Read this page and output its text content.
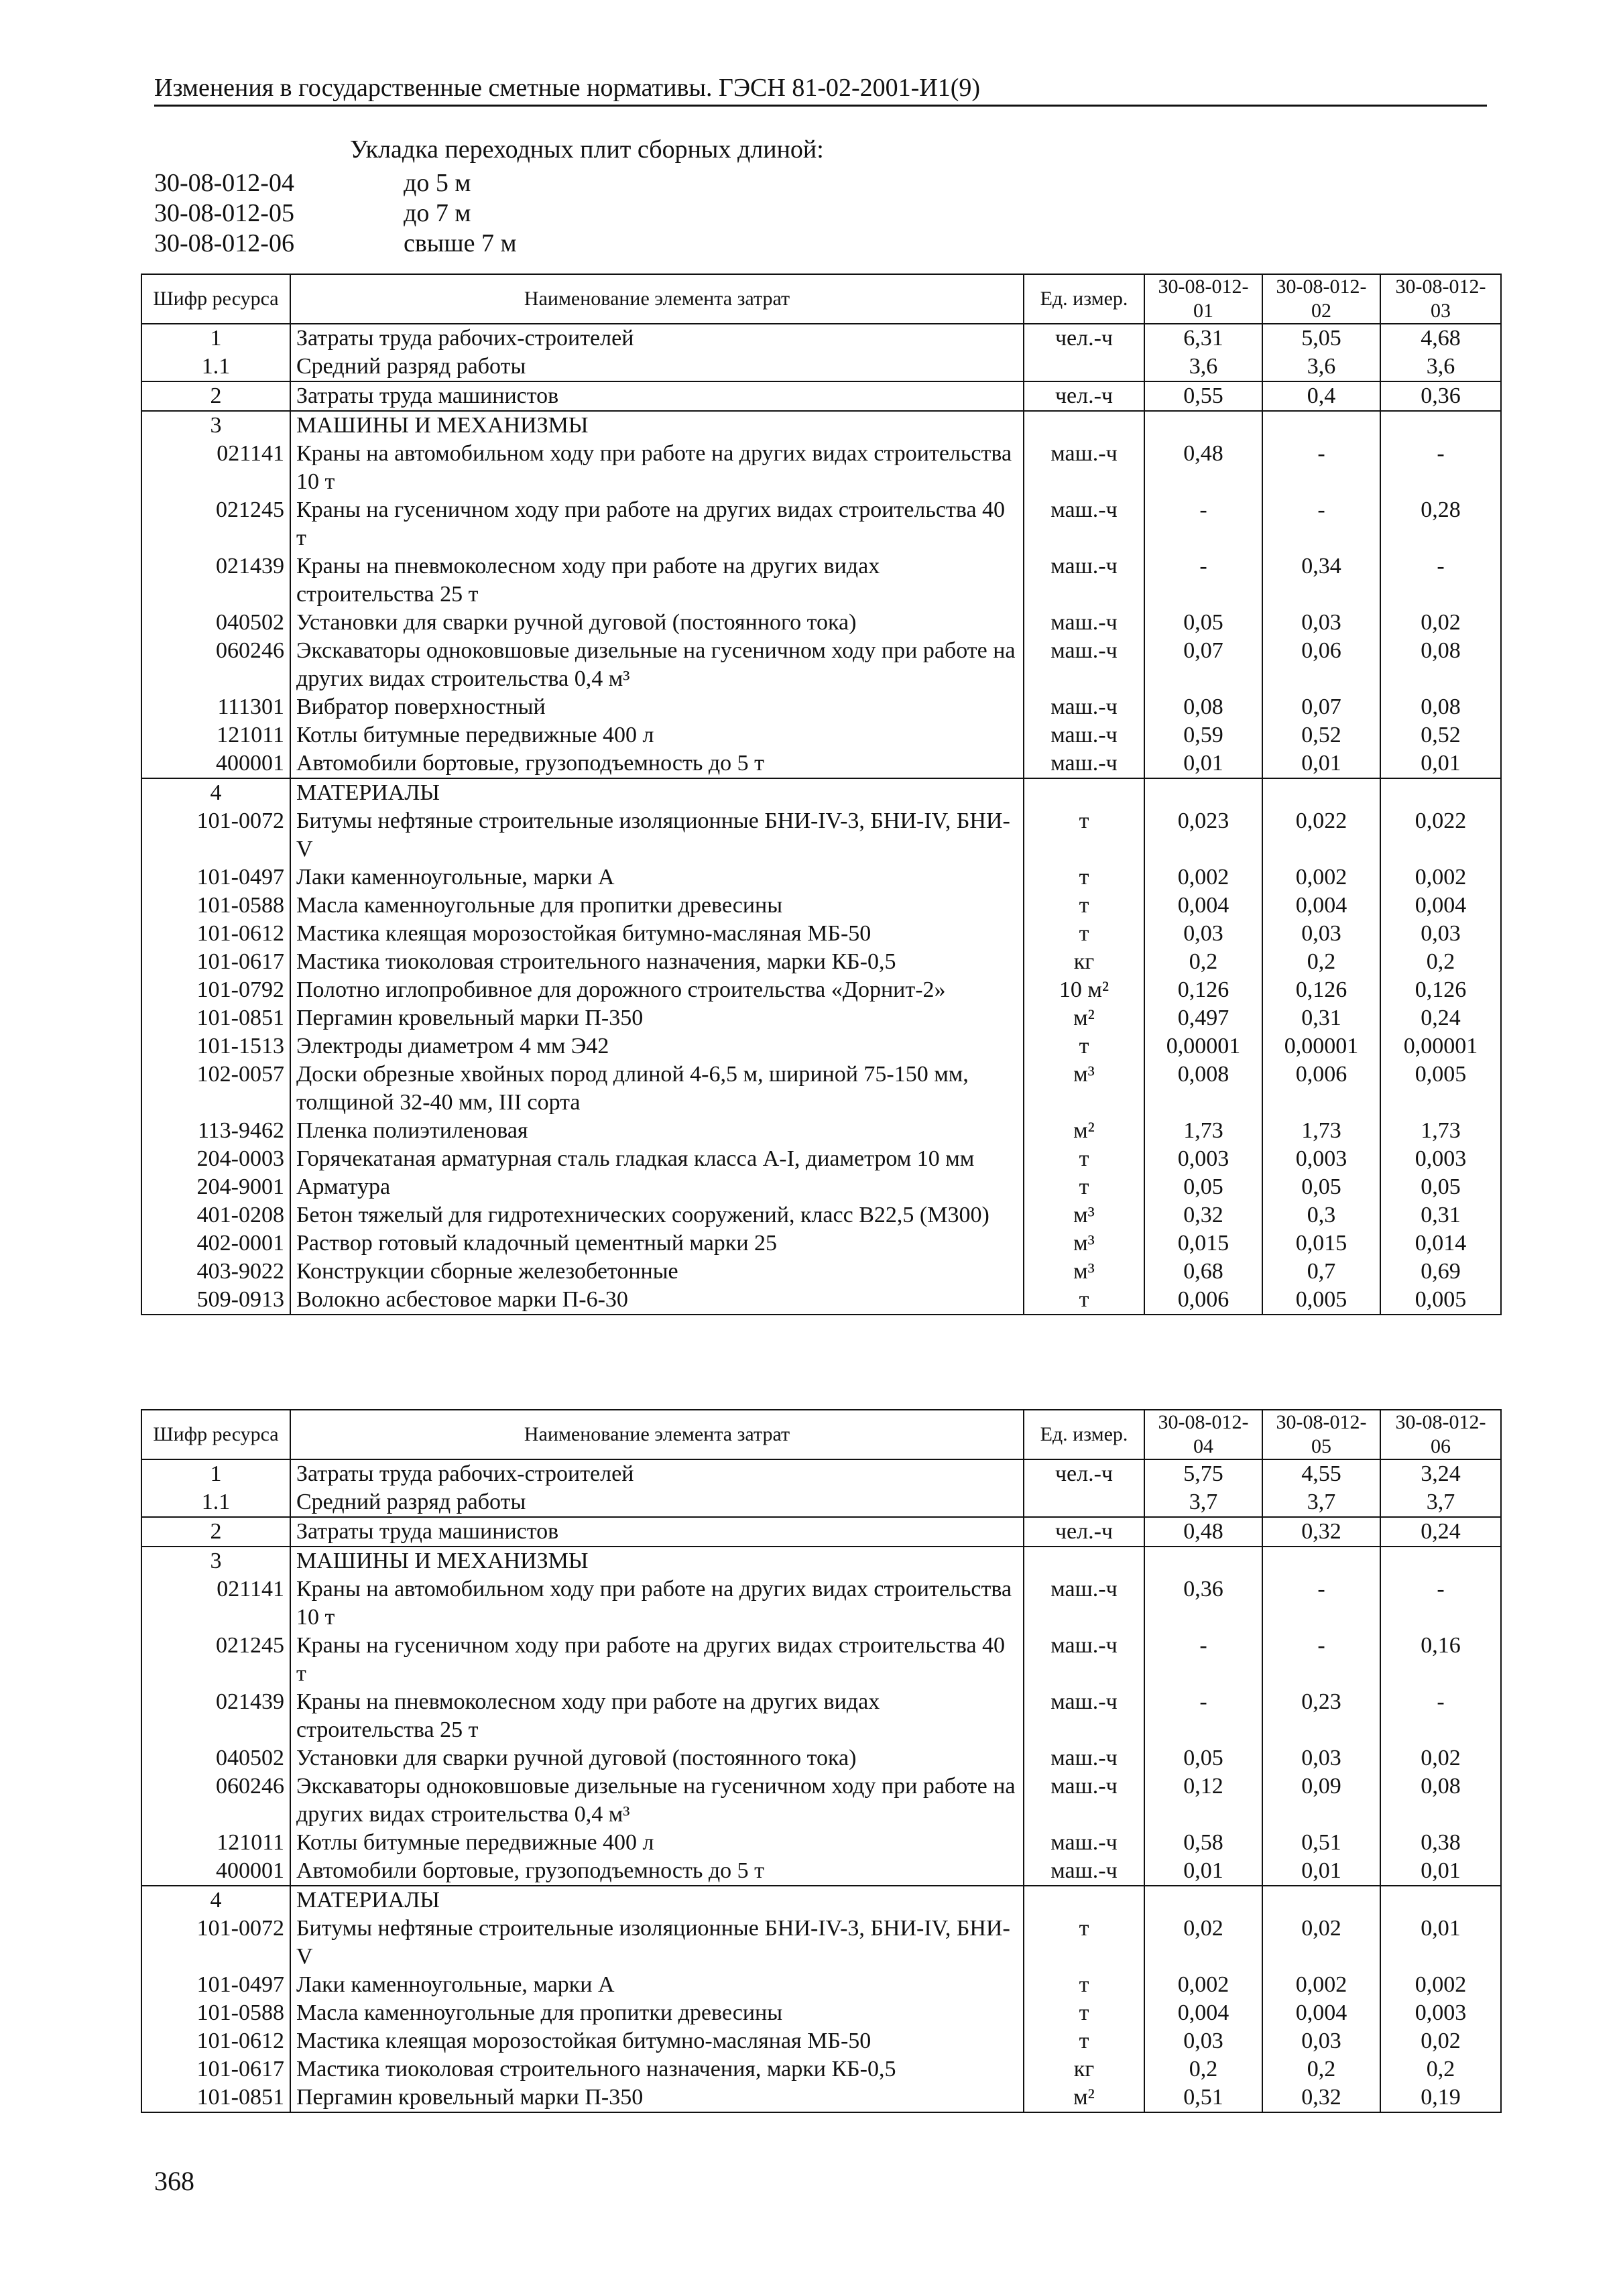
Изменения в государственные сметные нормативы. ГЭСН 81-02-2001-И1(9)
Укладка переходных плит сборных длиной:
30-08-012-04	до 5 м
30-08-012-05	до 7 м
30-08-012-06	свыше 7 м
Шифр ресурса	Наименование элемента затрат	Ед. измер.	30-08-012-01	30-08-012-02	30-08-012-03
1	Затраты труда рабочих-строителей	чел.-ч	6,31	5,05	4,68
1.1	Средний разряд работы		3,6	3,6	3,6
2	Затраты труда машинистов	чел.-ч	0,55	0,4	0,36
3	МАШИНЫ И МЕХАНИЗМЫ				
021141	Краны на автомобильном ходу при работе на других видах строительства 10 т	маш.-ч	0,48	-	-
021245	Краны на гусеничном ходу при работе на других видах строительства 40 т	маш.-ч	-	-	0,28
021439	Краны на пневмоколесном ходу при работе на других видах строительства 25 т	маш.-ч	-	0,34	-
040502	Установки для сварки ручной дуговой (постоянного тока)	маш.-ч	0,05	0,03	0,02
060246	Экскаваторы одноковшовые дизельные на гусеничном ходу при работе на других видах строительства 0,4 м³	маш.-ч	0,07	0,06	0,08
111301	Вибратор поверхностный	маш.-ч	0,08	0,07	0,08
121011	Котлы битумные передвижные 400 л	маш.-ч	0,59	0,52	0,52
400001	Автомобили бортовые, грузоподъемность до 5 т	маш.-ч	0,01	0,01	0,01
4	МАТЕРИАЛЫ				
101-0072	Битумы нефтяные строительные изоляционные БНИ-IV-3, БНИ-IV, БНИ-V	т	0,023	0,022	0,022
101-0497	Лаки каменноугольные, марки А	т	0,002	0,002	0,002
101-0588	Масла каменноугольные для пропитки древесины	т	0,004	0,004	0,004
101-0612	Мастика клеящая морозостойкая битумно-масляная МБ-50	т	0,03	0,03	0,03
101-0617	Мастика тиоколовая строительного назначения, марки КБ-0,5	кг	0,2	0,2	0,2
101-0792	Полотно иглопробивное для дорожного строительства «Дорнит-2»	10 м²	0,126	0,126	0,126
101-0851	Пергамин кровельный марки П-350	м²	0,497	0,31	0,24
101-1513	Электроды диаметром 4 мм Э42	т	0,00001	0,00001	0,00001
102-0057	Доски обрезные хвойных пород длиной 4-6,5 м, шириной 75-150 мм, толщиной 32-40 мм, III сорта	м³	0,008	0,006	0,005
113-9462	Пленка полиэтиленовая	м²	1,73	1,73	1,73
204-0003	Горячекатаная арматурная сталь гладкая класса А-I, диаметром 10 мм	т	0,003	0,003	0,003
204-9001	Арматура	т	0,05	0,05	0,05
401-0208	Бетон тяжелый для гидротехнических сооружений, класс В22,5 (М300)	м³	0,32	0,3	0,31
402-0001	Раствор готовый кладочный цементный марки 25	м³	0,015	0,015	0,014
403-9022	Конструкции сборные железобетонные	м³	0,68	0,7	0,69
509-0913	Волокно асбестовое марки П-6-30	т	0,006	0,005	0,005
Шифр ресурса	Наименование элемента затрат	Ед. измер.	30-08-012-04	30-08-012-05	30-08-012-06
1	Затраты труда рабочих-строителей	чел.-ч	5,75	4,55	3,24
1.1	Средний разряд работы		3,7	3,7	3,7
2	Затраты труда машинистов	чел.-ч	0,48	0,32	0,24
3	МАШИНЫ И МЕХАНИЗМЫ				
021141	Краны на автомобильном ходу при работе на других видах строительства 10 т	маш.-ч	0,36	-	-
021245	Краны на гусеничном ходу при работе на других видах строительства 40 т	маш.-ч	-	-	0,16
021439	Краны на пневмоколесном ходу при работе на других видах строительства 25 т	маш.-ч	-	0,23	-
040502	Установки для сварки ручной дуговой (постоянного тока)	маш.-ч	0,05	0,03	0,02
060246	Экскаваторы одноковшовые дизельные на гусеничном ходу при работе на других видах строительства 0,4 м³	маш.-ч	0,12	0,09	0,08
121011	Котлы битумные передвижные 400 л	маш.-ч	0,58	0,51	0,38
400001	Автомобили бортовые, грузоподъемность до 5 т	маш.-ч	0,01	0,01	0,01
4	МАТЕРИАЛЫ				
101-0072	Битумы нефтяные строительные изоляционные БНИ-IV-3, БНИ-IV, БНИ-V	т	0,02	0,02	0,01
101-0497	Лаки каменноугольные, марки А	т	0,002	0,002	0,002
101-0588	Масла каменноугольные для пропитки древесины	т	0,004	0,004	0,003
101-0612	Мастика клеящая морозостойкая битумно-масляная МБ-50	т	0,03	0,03	0,02
101-0617	Мастика тиоколовая строительного назначения, марки КБ-0,5	кг	0,2	0,2	0,2
101-0851	Пергамин кровельный марки П-350	м²	0,51	0,32	0,19
368
